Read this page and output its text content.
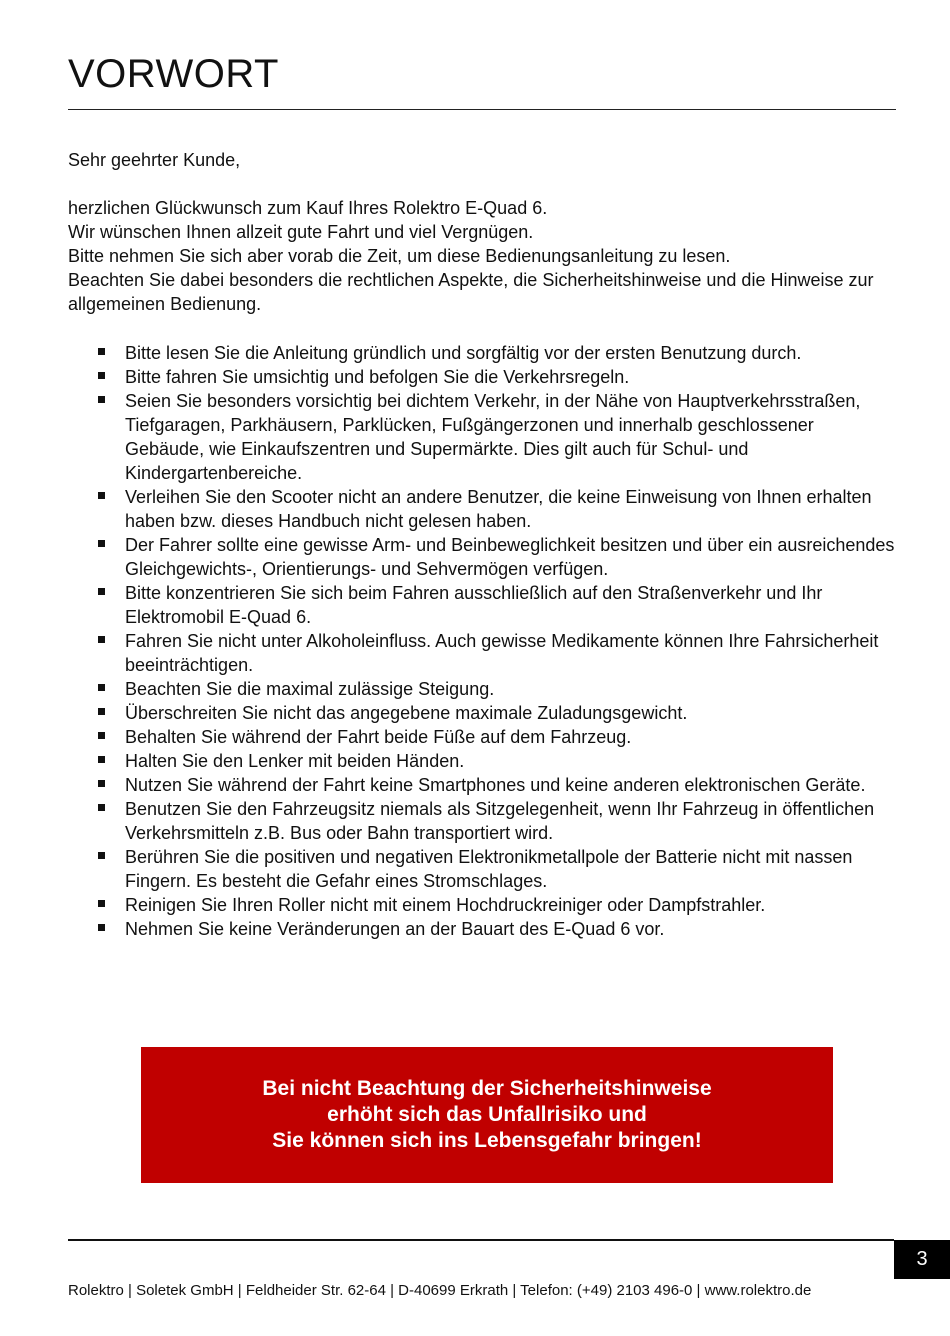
VORWORT

Sehr geehrter Kunde,

herzlichen Glückwunsch zum Kauf Ihres Rolektro E-Quad 6.

Wir wünschen Ihnen allzeit gute Fahrt und viel Vergnügen.

Bitte nehmen Sie sich aber vorab die Zeit, um diese Bedienungsanleitung zu lesen.

Beachten Sie dabei besonders die rechtlichen Aspekte, die Sicherheitshinweise und die Hinweise zur allgemeinen Bedienung.

Bitte lesen Sie die Anleitung gründlich und sorgfältig vor der ersten Benutzung durch.
Bitte fahren Sie umsichtig und befolgen Sie die Verkehrsregeln.
Seien Sie besonders vorsichtig bei dichtem Verkehr, in der Nähe von Hauptverkehrsstraßen, Tiefgaragen, Parkhäusern, Parklücken, Fußgängerzonen und innerhalb geschlossener Gebäude, wie Einkaufszentren und Supermärkte. Dies gilt auch für Schul- und Kindergartenbereiche.
Verleihen Sie den Scooter nicht an andere Benutzer, die keine Einweisung von Ihnen erhalten haben bzw. dieses Handbuch nicht gelesen haben.
Der Fahrer sollte eine gewisse Arm- und Beinbeweglichkeit besitzen und über ein ausreichendes Gleichgewichts-, Orientierungs- und Sehvermögen verfügen.
Bitte konzentrieren Sie sich beim Fahren ausschließlich auf den Straßenverkehr und Ihr Elektromobil E-Quad 6.
Fahren Sie nicht unter Alkoholeinfluss. Auch gewisse Medikamente können Ihre Fahrsicherheit beeinträchtigen.
Beachten Sie die maximal zulässige Steigung.
Überschreiten Sie nicht das angegebene maximale Zuladungsgewicht.
Behalten Sie während der Fahrt beide Füße auf dem Fahrzeug.
Halten Sie den Lenker mit beiden Händen.
Nutzen Sie während der Fahrt keine Smartphones und keine anderen elektronischen Geräte.
Benutzen Sie den Fahrzeugsitz niemals als Sitzgelegenheit, wenn Ihr Fahrzeug in öffentlichen Verkehrsmitteln z.B. Bus oder Bahn transportiert wird.
Berühren Sie die positiven und negativen Elektronikmetallpole der Batterie nicht mit nassen Fingern. Es besteht die Gefahr eines Stromschlages.
Reinigen Sie Ihren Roller nicht mit einem Hochdruckreiniger oder Dampfstrahler.
Nehmen Sie keine Veränderungen an der Bauart des E-Quad 6 vor.
Bei nicht Beachtung der Sicherheitshinweise
erhöht sich das Unfallrisiko und
Sie können sich ins Lebensgefahr bringen!
3
Rolektro | Soletek GmbH | Feldheider Str. 62-64 | D-40699 Erkrath | Telefon: (+49) 2103 496-0 | www.rolektro.de
